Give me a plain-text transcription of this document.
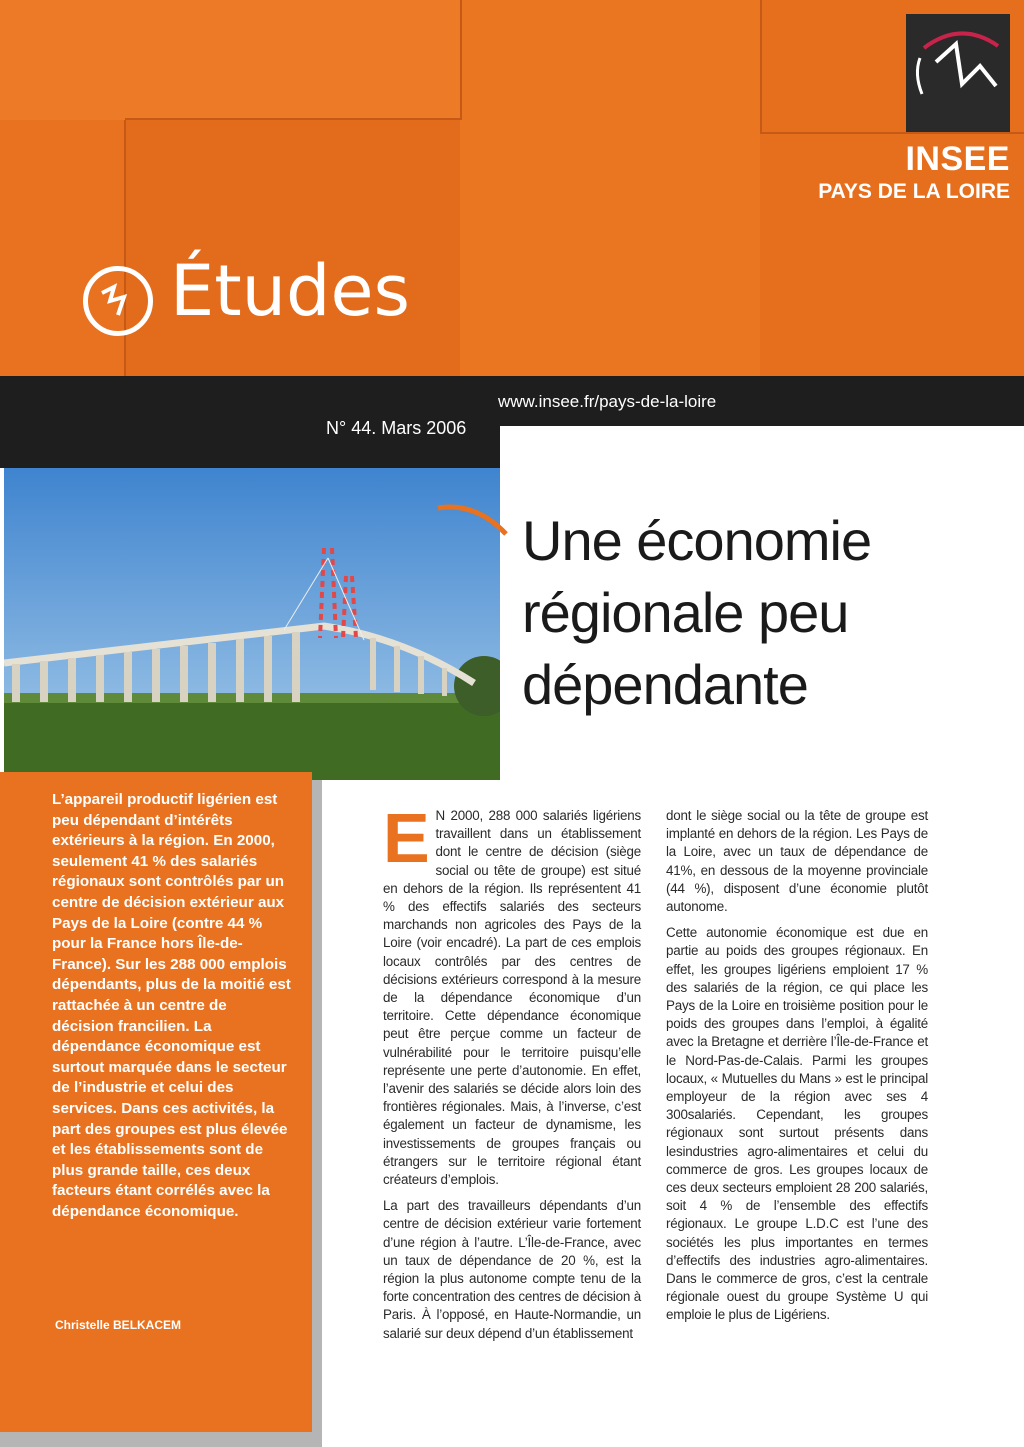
INSEE
PAYS DE LA LOIRE
Études
www.insee.fr/pays-de-la-loire
N° 44. Mars 2006
Une économie
régionale peu
dépendante
L’appareil productif ligérien est peu dépendant d’intérêts extérieurs à la région. En 2000, seulement 41 % des salariés régionaux sont contrôlés par un centre de décision extérieur aux Pays de la Loire (contre 44 % pour la France hors Île-de-France). Sur les 288 000 emplois dépendants, plus de la moitié est rattachée à un centre de décision francilien. La dépendance économique est surtout marquée dans le secteur de l’industrie et celui des services. Dans ces activités, la part des groupes est plus élevée et les établissements sont de plus grande taille, ces deux facteurs étant corrélés avec la dépendance économique.
Christelle BELKACEM

E N 2000, 288 000 salariés ligériens travaillent dans un établissement dont le centre de décision (siège social ou tête de groupe) est situé en dehors de la région. Ils représentent 41 % des effectifs salariés des secteurs marchands non agricoles des Pays de la Loire (voir encadré). La part de ces emplois locaux contrôlés par des centres de décisions extérieurs correspond à la mesure de la dépendance économique d’un territoire. Cette dépendance économique peut être perçue comme un facteur de vulnérabilité pour le territoire puisqu’elle représente une perte d’autonomie. En effet, l’avenir des salariés se décide alors loin des frontières régionales. Mais, à l’inverse, c’est également un facteur de dynamisme, les investissements de groupes français ou étrangers sur le territoire régional étant créateurs d’emplois.

La part des travailleurs dépendants d’un centre de décision extérieur varie fortement d’une région à l’autre. L’Île-de-France, avec un taux de dépendance de 20 %, est la région la plus autonome compte tenu de la forte concentration des centres de décision à Paris. À l’opposé, en Haute-Normandie, un salarié sur deux dépend d’un établissement

dont le siège social ou la tête de groupe est implanté en dehors de la région. Les Pays de la Loire, avec un taux de dépendance de 41%, en dessous de la moyenne provinciale (44 %), disposent d’une économie plutôt autonome.

Cette autonomie économique est due en partie au poids des groupes régionaux. En effet, les groupes ligériens emploient 17 % des salariés de la région, ce qui place les Pays de la Loire en troisième position pour le poids des groupes dans l’emploi, à égalité avec la Bretagne et derrière l’Île-de-France et le Nord-Pas-de-Calais. Parmi les groupes locaux, « Mutuelles du Mans » est le principal employeur de la région avec ses 4 300salariés. Cependant, les groupes régionaux sont surtout présents dans lesindustries agro-alimentaires et celui du commerce de gros. Les groupes locaux de ces deux secteurs emploient 28 200 salariés, soit 4 % de l’ensemble des effectifs régionaux. Le groupe L.D.C est l’une des sociétés les plus importantes en termes d’effectifs des industries agro-alimentaires. Dans le commerce de gros, c’est la centrale régionale ouest du groupe Système U qui emploie le plus de Ligériens.
